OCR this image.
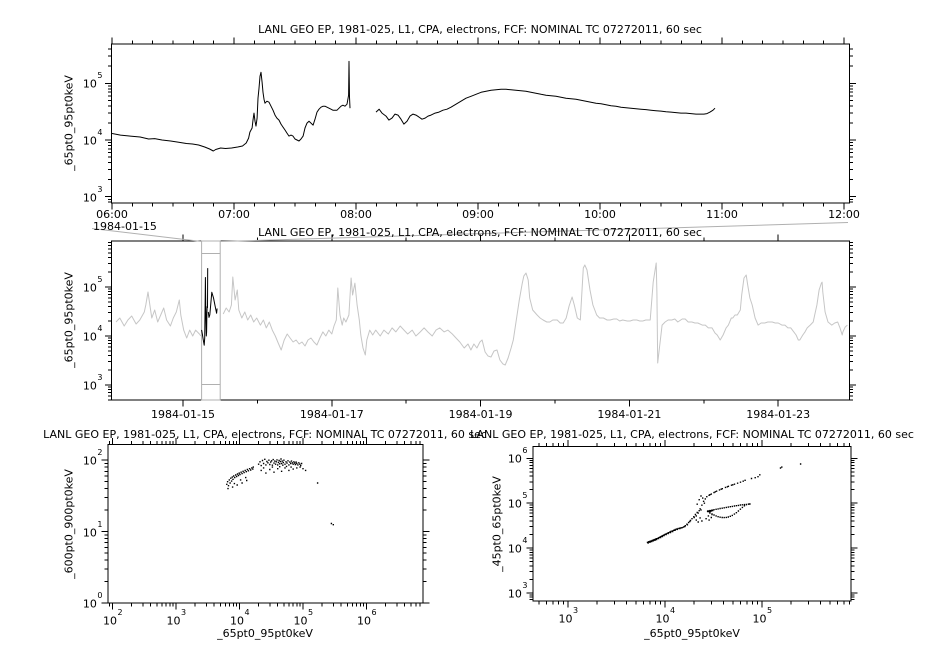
LANL GEO EP, 1981-025, L1, CPA, electrons, FCF: NOMINAL TC 07272011, 60 sec
LANL GEO EP, 1981-025, L1, CPA, electrons, FCF: NOMINAL TC 07272011, 60 sec
LANL GEO EP, 1981-025, L1, CPA, electrons, FCF: NOMINAL TC 07272011, 60 sec
LANL GEO EP, 1981-025, L1, CPA, electrons, FCF: NOMINAL TC 07272011, 60 sec
_65pt0_95pt0keV
_65pt0_95pt0keV
_600pt0_900pt0keV	_45pt0_65pt0keV
_65pt0_95pt0keV	_65pt0_95pt0keV
1984-01-15
06:00	07:00	08:00	09:00	10:00	11:00	12:00
$10^3$
$10^4$
$10^5$
1984-01-15	1984-01-17	1984-01-19	1984-01-21	1984-01-23
$10^3$
$10^4$
$10^5$
$10^2$
$10^3$
$10^4$
$10^5$
$10^6$
$10^0$
$10^1$
$10^2$
$10^3$
$10^4$
$10^5$
$10^3$
$10^4$
$10^5$
$10^6$
